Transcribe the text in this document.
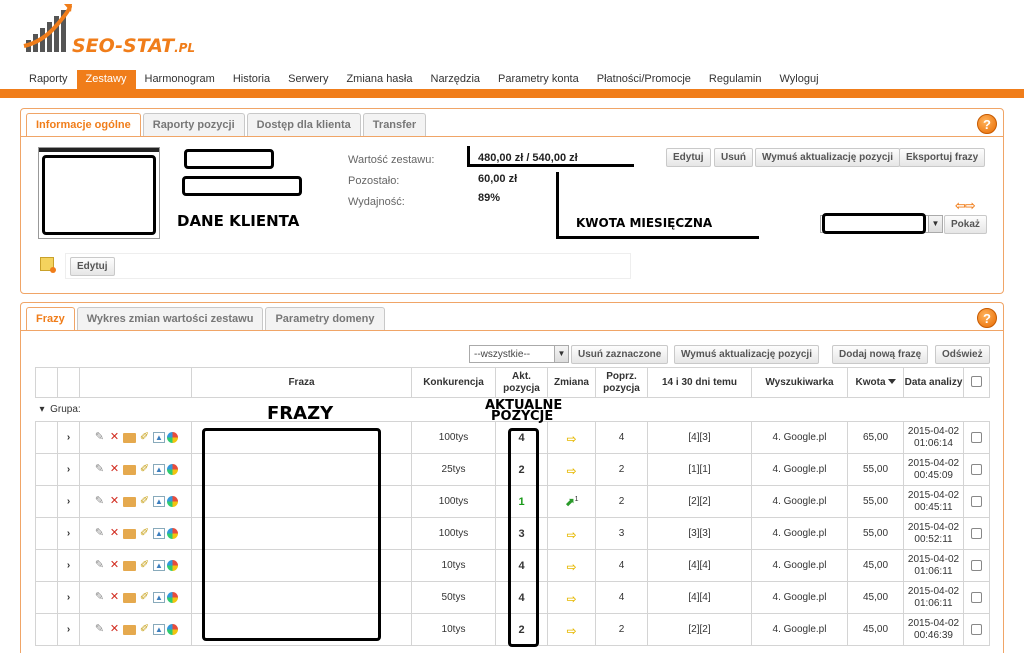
SEO-STAT.PL
Raporty	Zestawy	Harmonogram	Historia	Serwery	Zmiana hasła	Narzędzia	Parametry konta	Płatności/Promocje	Regulamin	Wyloguj
Informacje ogólne	Raporty pozycji	Dostęp dla klienta	Transfer	?
DANE KLIENTA
Wartość zestawu:	480,00 zł / 540,00 zł
Pozostało:	60,00 zł
Wydajność:	89%
KWOTA MIESIĘCZNA
Edytuj	Usuń	Wymuś aktualizację pozycji	Eksportuj frazy
⇦⇨
▼	Pokaż
Edytuj
Frazy	Wykres zmian wartości zestawu	Parametry domeny	?
--wszystkie--	▼	Usuń zaznaczone	Wymuś aktualizację pozycji	Dodaj nową frazę	Odśwież
			Fraza	Konkurencja	Akt. pozycja	Zmiana	Poprz. pozycja	14 i 30 dni temu	Wyszukiwarka	Kwota	Data analizy	
▾ Grupa:												
	›	✎ ✕ ✐ ▲		100tys	4	⇨	4	[4][3]	4. Google.pl	65,00	2015-04-02
01:06:14	
	›	✎ ✕ ✐ ▲		25tys	2	⇨	2	[1][1]	4. Google.pl	55,00	2015-04-02
00:45:09	
	›	✎ ✕ ✐ ▲		100tys	1	⬈$^1$	2	[2][2]	4. Google.pl	55,00	2015-04-02
00:45:11	
	›	✎ ✕ ✐ ▲		100tys	3	⇨	3	[3][3]	4. Google.pl	55,00	2015-04-02
00:52:11	
	›	✎ ✕ ✐ ▲		10tys	4	⇨	4	[4][4]	4. Google.pl	45,00	2015-04-02
01:06:11	
	›	✎ ✕ ✐ ▲		50tys	4	⇨	4	[4][4]	4. Google.pl	45,00	2015-04-02
01:06:11	
	›	✎ ✕ ✐ ▲		10tys	2	⇨	2	[2][2]	4. Google.pl	45,00	2015-04-02
00:46:39	
FRAZY	AKTUALNE
POZYCJE
